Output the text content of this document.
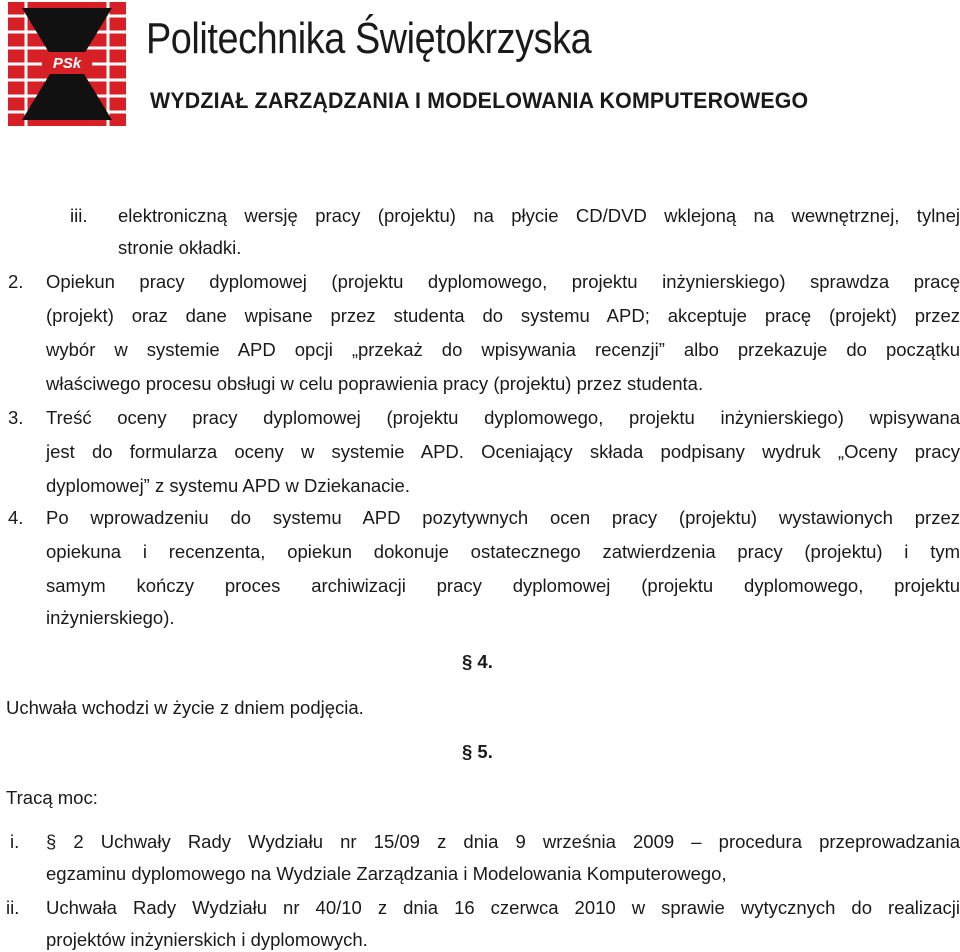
PSk
Politechnika Świętokrzyska
WYDZIAŁ ZARZĄDZANIA I MODELOWANIA KOMPUTEROWEGO
iii. elektroniczną wersję pracy (projektu) na płycie CD/DVD wklejoną na wewnętrznej, tylnej
stronie okładki.
2. Opiekun pracy dyplomowej (projektu dyplomowego, projektu inżynierskiego) sprawdza pracę
(projekt) oraz dane wpisane przez studenta do systemu APD; akceptuje pracę (projekt) przez
wybór w systemie APD opcji „przekaż do wpisywania recenzji” albo przekazuje do początku
właściwego procesu obsługi w celu poprawienia pracy (projektu) przez studenta.
3. Treść oceny pracy dyplomowej (projektu dyplomowego, projektu inżynierskiego) wpisywana
jest do formularza oceny w systemie APD. Oceniający składa podpisany wydruk „Oceny pracy
dyplomowej” z systemu APD w Dziekanacie.
4. Po wprowadzeniu do systemu APD pozytywnych ocen pracy (projektu) wystawionych przez
opiekuna i recenzenta, opiekun dokonuje ostatecznego zatwierdzenia pracy (projektu) i tym
samym kończy proces archiwizacji pracy dyplomowej (projektu dyplomowego, projektu
inżynierskiego).
§ 4.
Uchwała wchodzi w życie z dniem podjęcia.
§ 5.
Tracą moc:
i. § 2 Uchwały Rady Wydziału nr 15/09 z dnia 9 września 2009 – procedura przeprowadzania
egzaminu dyplomowego na Wydziale Zarządzania i Modelowania Komputerowego,
ii. Uchwała Rady Wydziału nr 40/10 z dnia 16 czerwca 2010 w sprawie wytycznych do realizacji
projektów inżynierskich i dyplomowych.
